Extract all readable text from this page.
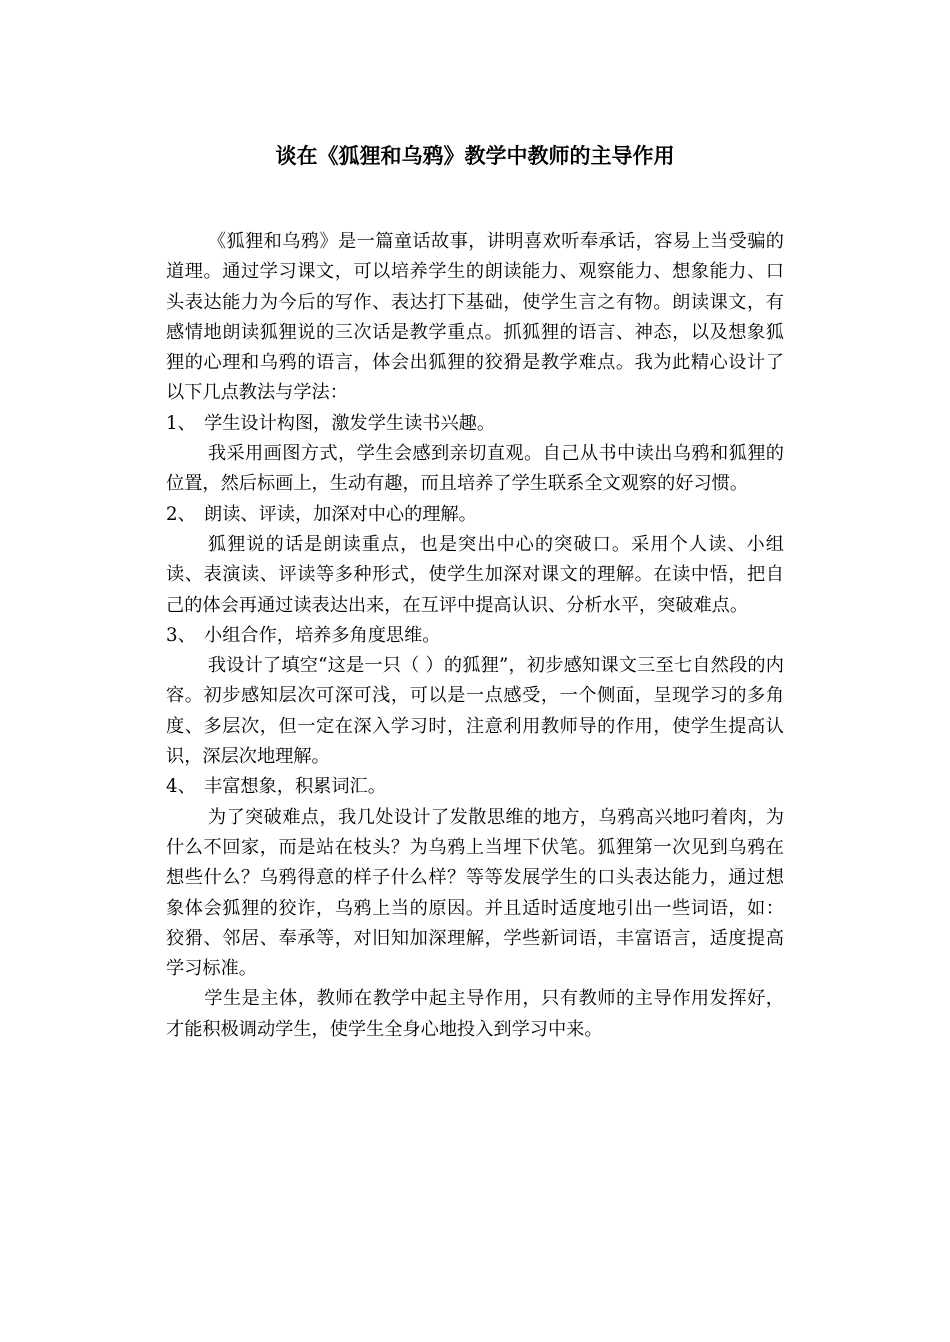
谈在《狐狸和乌鸦》教学中教师的主导作用

《狐狸和乌鸦》是一篇童话故事，讲明喜欢听奉承话，容易上当受骗的道理。通过学习课文，可以培养学生的朗读能力、观察能力、想象能力、口头表达能力为今后的写作、表达打下基础，使学生言之有物。朗读课文，有感情地朗读狐狸说的三次话是教学重点。抓狐狸的语言、神态，以及想象狐狸的心理和乌鸦的语言，体会出狐狸的狡猾是教学难点。我为此精心设计了以下几点教法与学法：

1、 学生设计构图，激发学生读书兴趣。

我采用画图方式，学生会感到亲切直观。自己从书中读出乌鸦和狐狸的位置，然后标画上，生动有趣，而且培养了学生联系全文观察的好习惯。

2、 朗读、评读，加深对中心的理解。

狐狸说的话是朗读重点，也是突出中心的突破口。采用个人读、小组读、表演读、评读等多种形式，使学生加深对课文的理解。在读中悟，把自己的体会再通过读表达出来，在互评中提高认识、分析水平，突破难点。

3、 小组合作，培养多角度思维。

我设计了填空“这是一只（ ）的狐狸”，初步感知课文三至七自然段的内容。初步感知层次可深可浅，可以是一点感受，一个侧面，呈现学习的多角度、多层次，但一定在深入学习时，注意利用教师导的作用，使学生提高认识，深层次地理解。

4、 丰富想象，积累词汇。

为了突破难点，我几处设计了发散思维的地方，乌鸦高兴地叼着肉，为什么不回家，而是站在枝头？为乌鸦上当埋下伏笔。狐狸第一次见到乌鸦在想些什么？乌鸦得意的样子什么样？等等发展学生的口头表达能力，通过想象体会狐狸的狡诈，乌鸦上当的原因。并且适时适度地引出一些词语，如：狡猾、邻居、奉承等，对旧知加深理解，学些新词语，丰富语言，适度提高学习标准。

学生是主体，教师在教学中起主导作用，只有教师的主导作用发挥好，才能积极调动学生，使学生全身心地投入到学习中来。
